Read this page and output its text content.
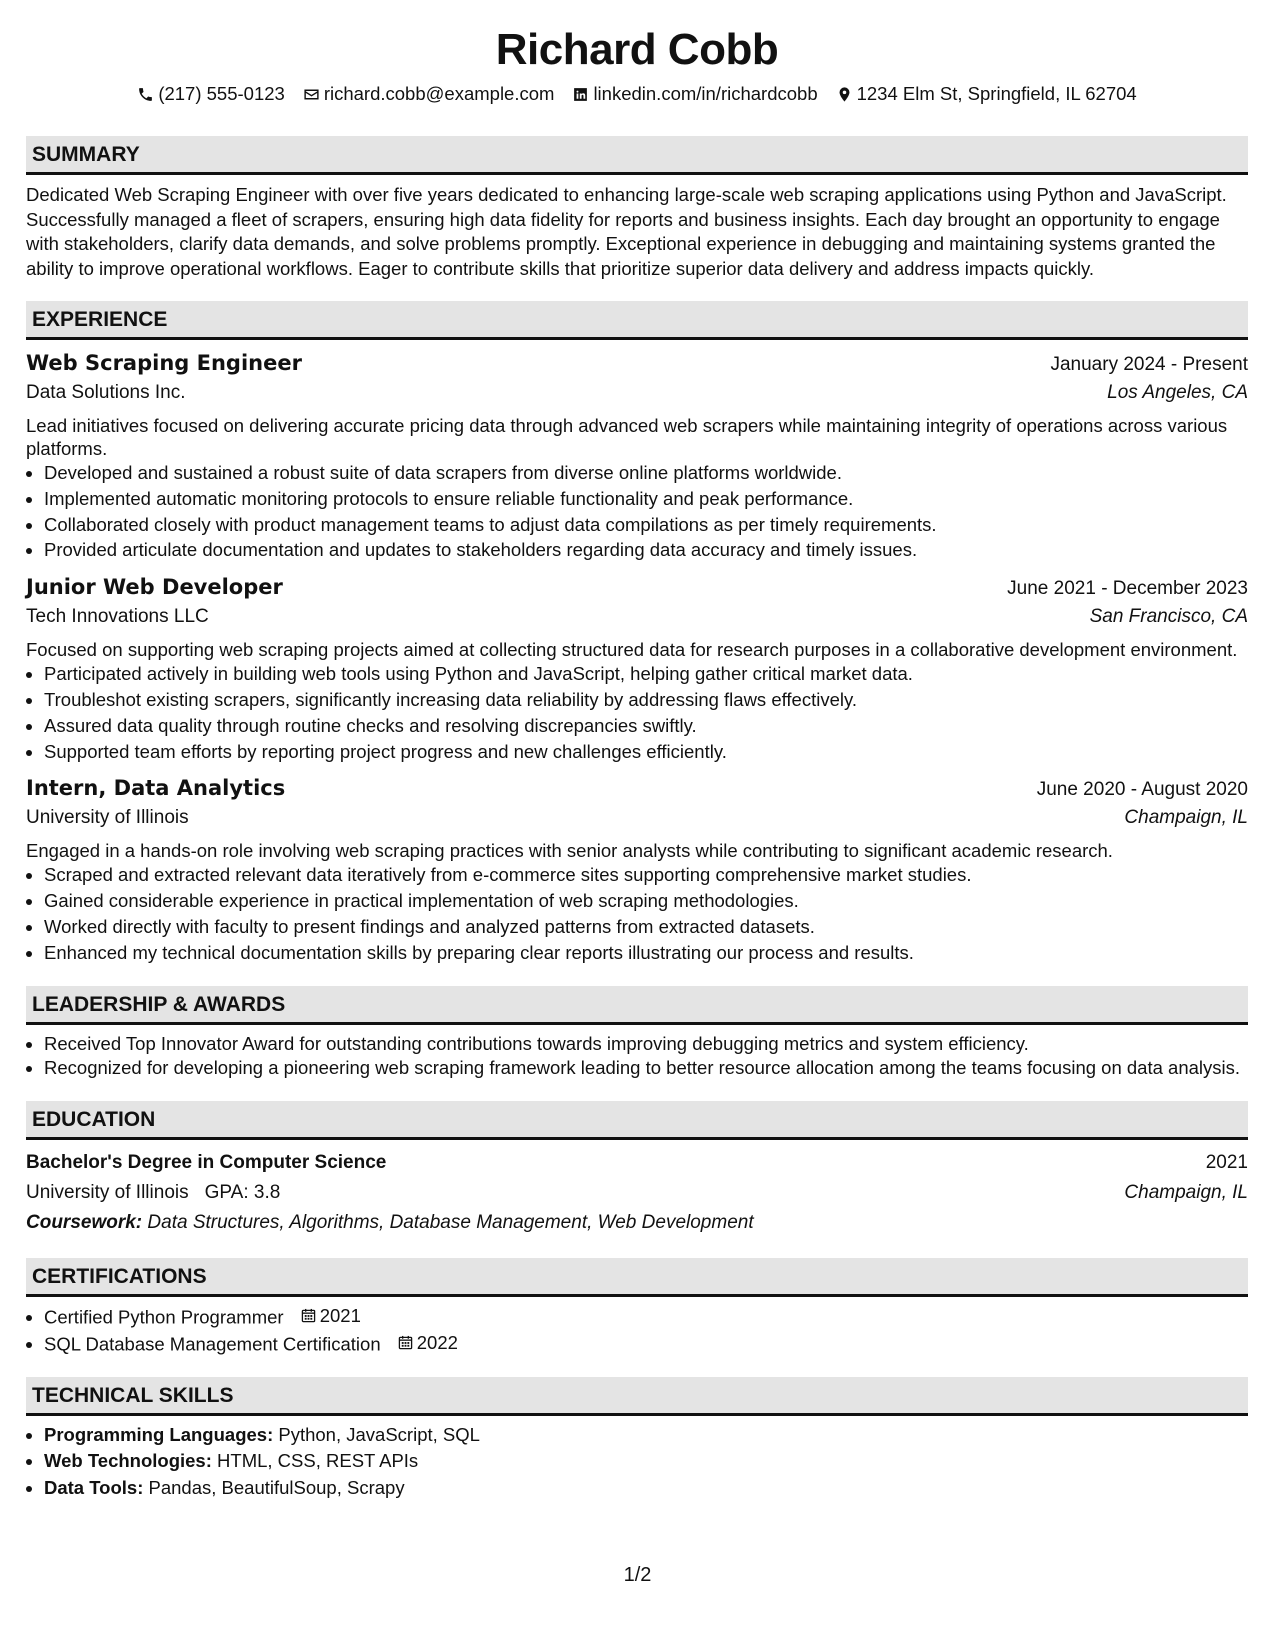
Richard Cobb
(217) 555-0123 richard.cobb@example.com linkedin.com/in/richardcobb 1234 Elm St, Springfield, IL 62704
SUMMARY

Dedicated Web Scraping Engineer with over five years dedicated to enhancing large-scale web scraping applications using Python and JavaScript. Successfully managed a fleet of scrapers, ensuring high data fidelity for reports and business insights. Each day brought an opportunity to engage with stakeholders, clarify data demands, and solve problems promptly. Exceptional experience in debugging and maintaining systems granted the ability to improve operational workflows. Eager to contribute skills that prioritize superior data delivery and address impacts quickly.

EXPERIENCE
Web Scraping Engineer	January 2024 - Present
Data Solutions Inc.	Los Angeles, CA

Lead initiatives focused on delivering accurate pricing data through advanced web scrapers while maintaining integrity of operations across various platforms.

• Developed and sustained a robust suite of data scrapers from diverse online platforms worldwide.
• Implemented automatic monitoring protocols to ensure reliable functionality and peak performance.
• Collaborated closely with product management teams to adjust data compilations as per timely requirements.
• Provided articulate documentation and updates to stakeholders regarding data accuracy and timely issues.
Junior Web Developer	June 2021 - December 2023
Tech Innovations LLC	San Francisco, CA

Focused on supporting web scraping projects aimed at collecting structured data for research purposes in a collaborative development environment.

• Participated actively in building web tools using Python and JavaScript, helping gather critical market data.
• Troubleshot existing scrapers, significantly increasing data reliability by addressing flaws effectively.
• Assured data quality through routine checks and resolving discrepancies swiftly.
• Supported team efforts by reporting project progress and new challenges efficiently.
Intern, Data Analytics	June 2020 - August 2020
University of Illinois	Champaign, IL

Engaged in a hands-on role involving web scraping practices with senior analysts while contributing to significant academic research.

• Scraped and extracted relevant data iteratively from e-commerce sites supporting comprehensive market studies.
• Gained considerable experience in practical implementation of web scraping methodologies.
• Worked directly with faculty to present findings and analyzed patterns from extracted datasets.
• Enhanced my technical documentation skills by preparing clear reports illustrating our process and results.
LEADERSHIP & AWARDS
• Received Top Innovator Award for outstanding contributions towards improving debugging metrics and system efficiency.
• Recognized for developing a pioneering web scraping framework leading to better resource allocation among the teams focusing on data analysis.
EDUCATION
Bachelor's Degree in Computer Science	2021
University of Illinois GPA: 3.8	Champaign, IL
Coursework: Data Structures, Algorithms, Database Management, Web Development
CERTIFICATIONS
• Certified Python Programmer 2021
• SQL Database Management Certification 2022
TECHNICAL SKILLS
• Programming Languages: Python, JavaScript, SQL
• Web Technologies: HTML, CSS, REST APIs
• Data Tools: Pandas, BeautifulSoup, Scrapy
1/2
